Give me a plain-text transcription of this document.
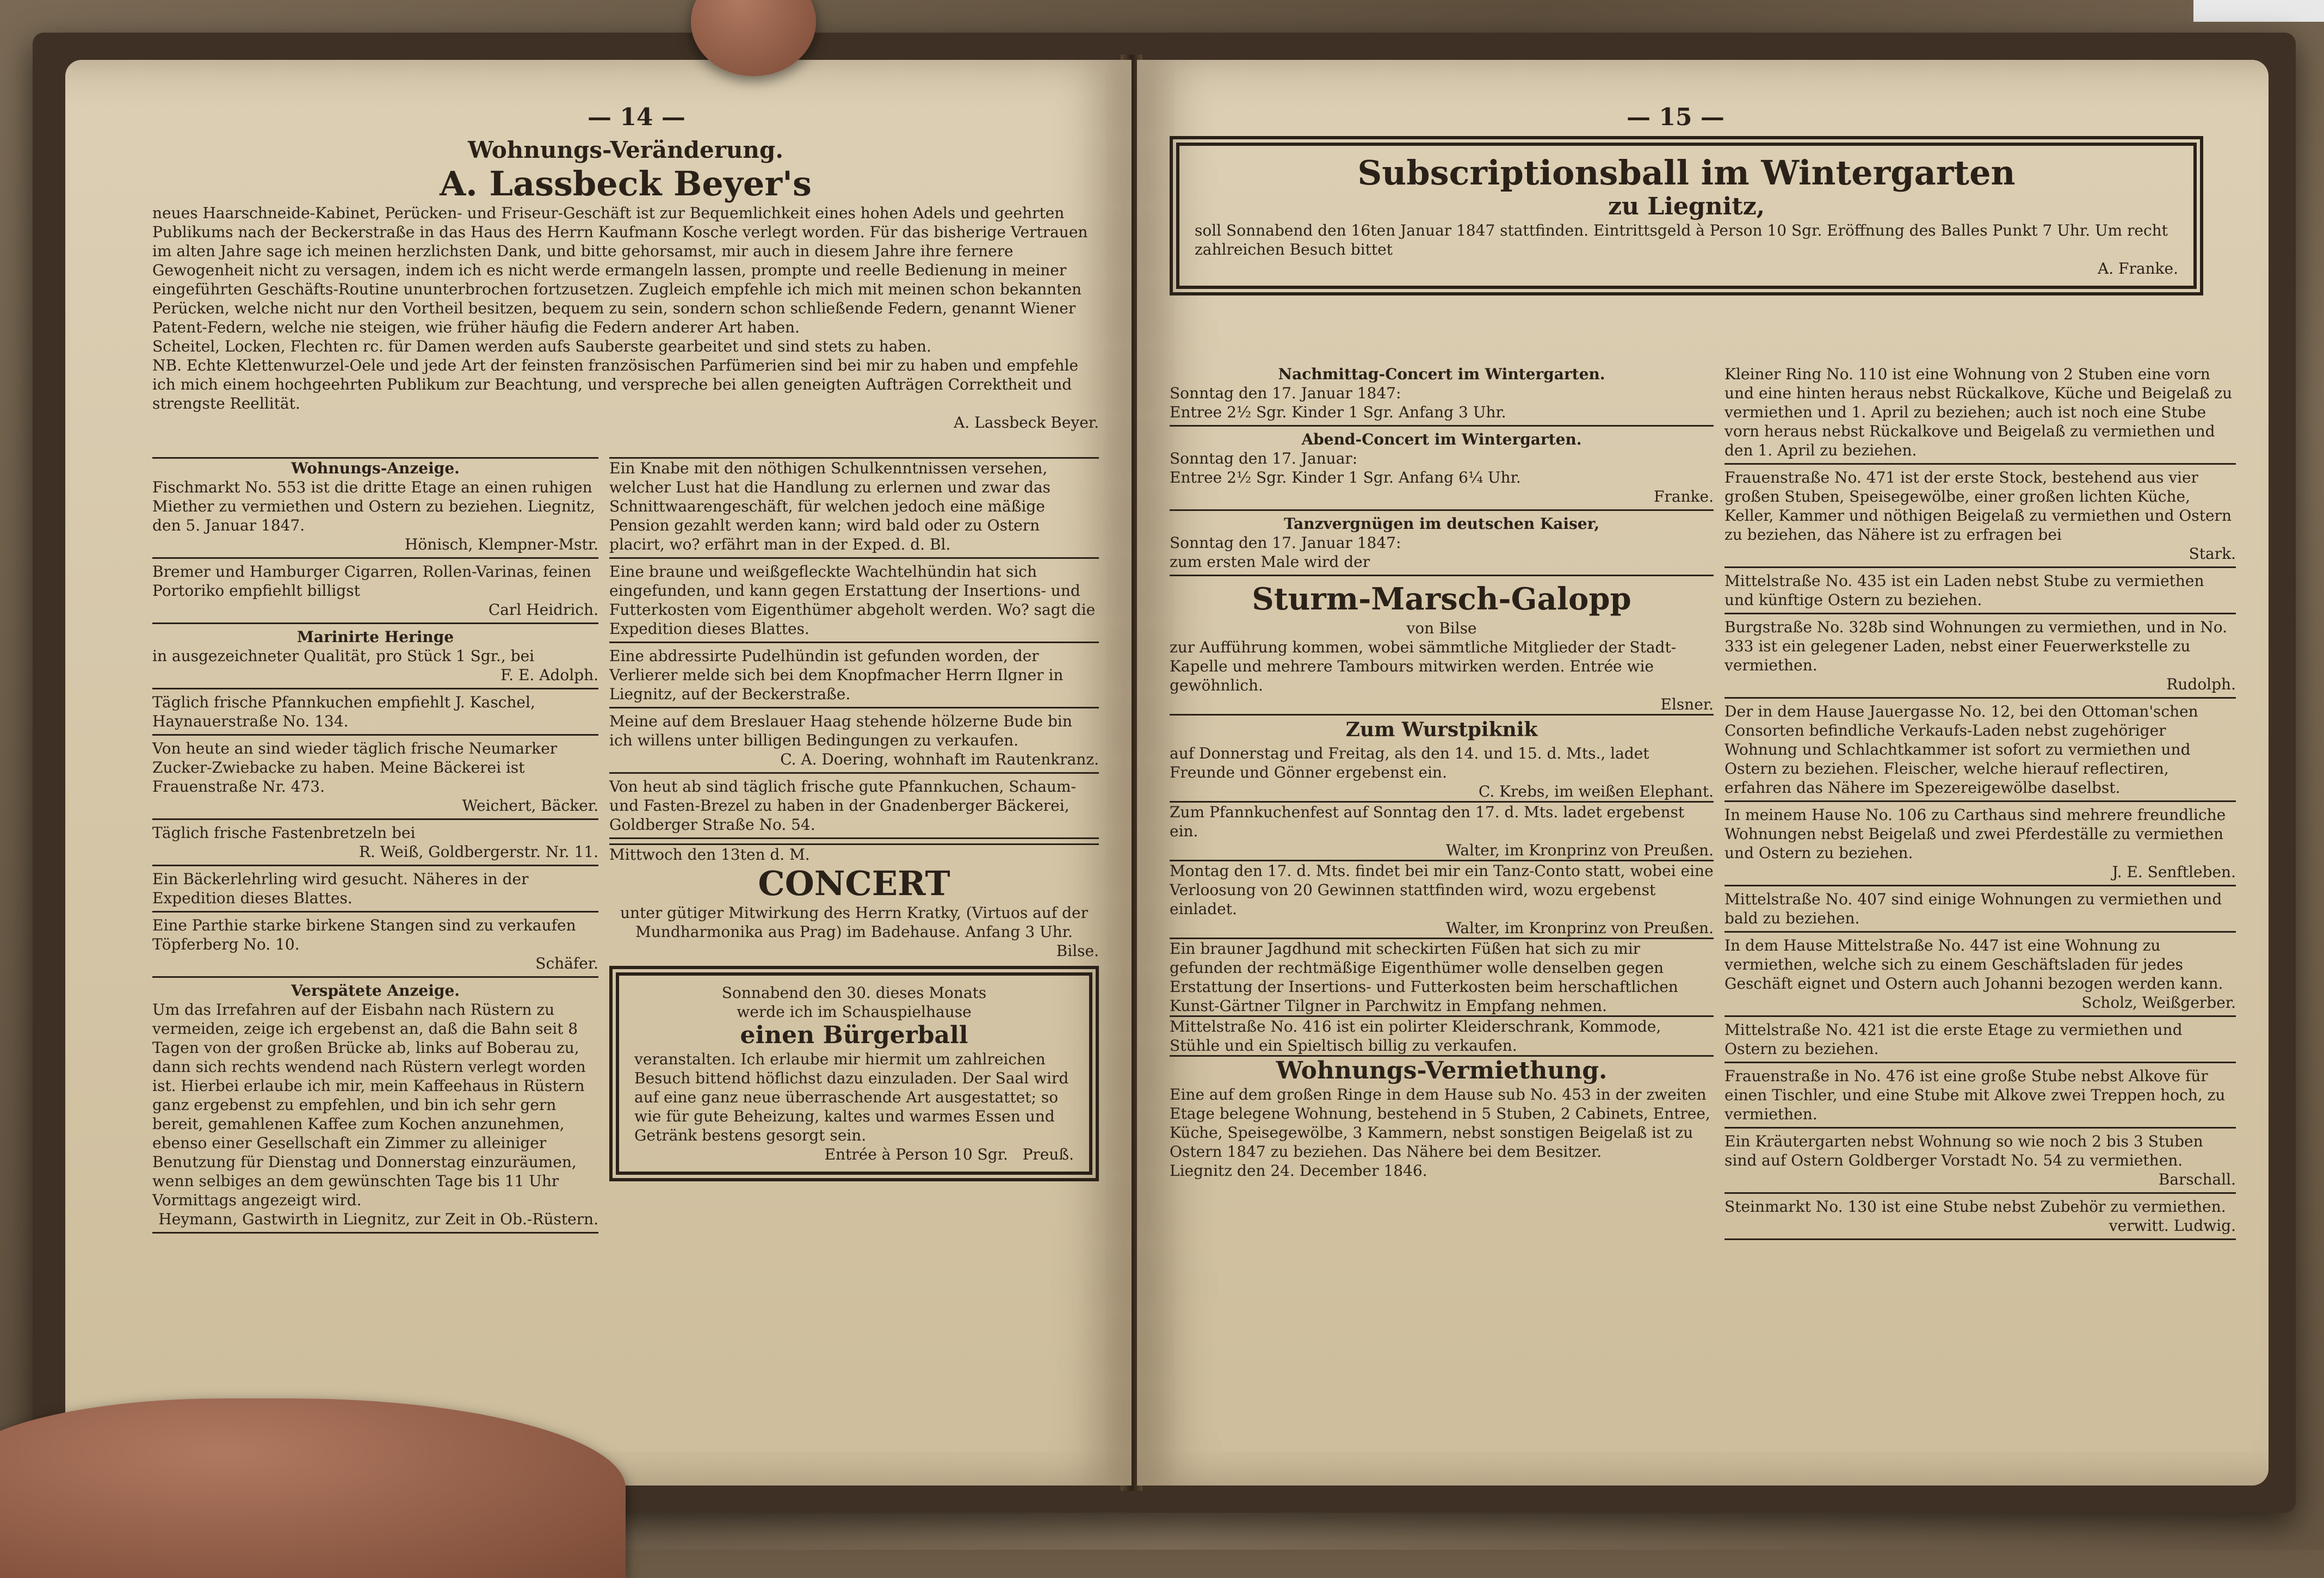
— 14 —
Wohnungs-Veränderung.
A. Lassbeck Beyer's

neues Haarschneide-Kabinet, Perücken- und Friseur-Geschäft ist zur Bequemlichkeit eines hohen Adels und geehrten Publikums nach der Beckerstraße in das Haus des Herrn Kaufmann Kosche verlegt worden. Für das bisherige Vertrauen im alten Jahre sage ich meinen herzlichsten Dank, und bitte gehorsamst, mir auch in diesem Jahre ihre fernere Gewogenheit nicht zu versagen, indem ich es nicht werde ermangeln lassen, prompte und reelle Bedienung in meiner eingeführten Geschäfts-Routine ununterbrochen fortzusetzen. Zugleich empfehle ich mich mit meinen schon bekannten Perücken, welche nicht nur den Vortheil besitzen, bequem zu sein, sondern schon schließende Federn, genannt Wiener Patent-Federn, welche nie steigen, wie früher häufig die Federn anderer Art haben.

Scheitel, Locken, Flechten rc. für Damen werden aufs Sauberste gearbeitet und sind stets zu haben.

NB. Echte Klettenwurzel-Oele und jede Art der feinsten französischen Parfümerien sind bei mir zu haben und empfehle ich mich einem hochgeehrten Publikum zur Beachtung, und verspreche bei allen geneigten Aufträgen Correktheit und strengste Reellität.

A. Lassbeck Beyer.

Wohnungs-Anzeige.

Fischmarkt No. 553 ist die dritte Etage an einen ruhigen Miether zu vermiethen und Ostern zu beziehen. Liegnitz, den 5. Januar 1847.

Hönisch, Klempner-Mstr.

Bremer und Hamburger Cigarren, Rollen-Varinas, feinen Portoriko empfiehlt billigst

Carl Heidrich.

Marinirte Heringe

in ausgezeichneter Qualität, pro Stück 1 Sgr., bei

F. E. Adolph.

Täglich frische Pfannkuchen empfiehlt J. Kaschel, Haynauerstraße No. 134.

Von heute an sind wieder täglich frische Neumarker Zucker-Zwiebacke zu haben. Meine Bäckerei ist Frauenstraße Nr. 473.

Weichert, Bäcker.

Täglich frische Fastenbretzeln bei

R. Weiß, Goldbergerstr. Nr. 11.

Ein Bäckerlehrling wird gesucht. Näheres in der Expedition dieses Blattes.

Eine Parthie starke birkene Stangen sind zu verkaufen Töpferberg No. 10.

Schäfer.

Verspätete Anzeige.

Um das Irrefahren auf der Eisbahn nach Rüstern zu vermeiden, zeige ich ergebenst an, daß die Bahn seit 8 Tagen von der großen Brücke ab, links auf Boberau zu, dann sich rechts wendend nach Rüstern verlegt worden ist. Hierbei erlaube ich mir, mein Kaffeehaus in Rüstern ganz ergebenst zu empfehlen, und bin ich sehr gern bereit, gemahlenen Kaffee zum Kochen anzunehmen, ebenso einer Gesellschaft ein Zimmer zu alleiniger Benutzung für Dienstag und Donnerstag einzuräumen, wenn selbiges an dem gewünschten Tage bis 11 Uhr Vormittags angezeigt wird.

Heymann, Gastwirth in Liegnitz, zur Zeit in Ob.-Rüstern.

Ein Knabe mit den nöthigen Schulkenntnissen versehen, welcher Lust hat die Handlung zu erlernen und zwar das Schnittwaarengeschäft, für welchen jedoch eine mäßige Pension gezahlt werden kann; wird bald oder zu Ostern placirt, wo? erfährt man in der Exped. d. Bl.

Eine braune und weißgefleckte Wachtelhündin hat sich eingefunden, und kann gegen Erstattung der Insertions- und Futterkosten vom Eigenthümer abgeholt werden. Wo? sagt die Expedition dieses Blattes.

Eine abdressirte Pudelhündin ist gefunden worden, der Verlierer melde sich bei dem Knopfmacher Herrn Ilgner in Liegnitz, auf der Beckerstraße.

Meine auf dem Breslauer Haag stehende hölzerne Bude bin ich willens unter billigen Bedingungen zu verkaufen.

C. A. Doering, wohnhaft im Rautenkranz.

Von heut ab sind täglich frische gute Pfannkuchen, Schaum- und Fasten-Brezel zu haben in der Gnadenberger Bäckerei, Goldberger Straße No. 54.

Mittwoch den 13ten d. M.

CONCERT

unter gütiger Mitwirkung des Herrn Kratky, (Virtuos auf der Mundharmonika aus Prag) im Badehause. Anfang 3 Uhr.

Bilse.

Sonnabend den 30. dieses Monats

werde ich im Schauspielhause

einen Bürgerball

veranstalten. Ich erlaube mir hiermit um zahlreichen Besuch bittend höflichst dazu einzuladen. Der Saal wird auf eine ganz neue überraschende Art ausgestattet; so wie für gute Beheizung, kaltes und warmes Essen und Getränk bestens gesorgt sein.

Entrée à Person 10 Sgr. Preuß.

— 15 —
Subscriptionsball im Wintergarten
zu Liegnitz,

soll Sonnabend den 16ten Januar 1847 stattfinden. Eintrittsgeld à Person 10 Sgr. Eröffnung des Balles Punkt 7 Uhr. Um recht zahlreichen Besuch bittet

A. Franke.

Nachmittag-Concert im Wintergarten.

Sonntag den 17. Januar 1847:

Entree 2½ Sgr. Kinder 1 Sgr. Anfang 3 Uhr.

Abend-Concert im Wintergarten.

Sonntag den 17. Januar:

Entree 2½ Sgr. Kinder 1 Sgr. Anfang 6¼ Uhr.

Franke.

Tanzvergnügen im deutschen Kaiser,

Sonntag den 17. Januar 1847:

zum ersten Male wird der

Sturm-Marsch-Galopp

von Bilse

zur Aufführung kommen, wobei sämmtliche Mitglieder der Stadt-Kapelle und mehrere Tambours mitwirken werden. Entrée wie gewöhnlich.

Elsner.

Zum Wurstpiknik

auf Donnerstag und Freitag, als den 14. und 15. d. Mts., ladet Freunde und Gönner ergebenst ein.

C. Krebs, im weißen Elephant.

Zum Pfannkuchenfest auf Sonntag den 17. d. Mts. ladet ergebenst ein.

Walter, im Kronprinz von Preußen.

Montag den 17. d. Mts. findet bei mir ein Tanz-Conto statt, wobei eine Verloosung von 20 Gewinnen stattfinden wird, wozu ergebenst einladet.

Walter, im Kronprinz von Preußen.

Ein brauner Jagdhund mit scheckirten Füßen hat sich zu mir gefunden der rechtmäßige Eigenthümer wolle denselben gegen Erstattung der Insertions- und Futterkosten beim herschaftlichen Kunst-Gärtner Tilgner in Parchwitz in Empfang nehmen.

Mittelstraße No. 416 ist ein polirter Kleiderschrank, Kommode, Stühle und ein Spieltisch billig zu verkaufen.

Wohnungs-Vermiethung.

Eine auf dem großen Ringe in dem Hause sub No. 453 in der zweiten Etage belegene Wohnung, bestehend in 5 Stuben, 2 Cabinets, Entree, Küche, Speisegewölbe, 3 Kammern, nebst sonstigen Beigelaß ist zu Ostern 1847 zu beziehen. Das Nähere bei dem Besitzer.

Liegnitz den 24. December 1846.

Kleiner Ring No. 110 ist eine Wohnung von 2 Stuben eine vorn und eine hinten heraus nebst Rückalkove, Küche und Beigelaß zu vermiethen und 1. April zu beziehen; auch ist noch eine Stube vorn heraus nebst Rückalkove und Beigelaß zu vermiethen und den 1. April zu beziehen.

Frauenstraße No. 471 ist der erste Stock, bestehend aus vier großen Stuben, Speisegewölbe, einer großen lichten Küche, Keller, Kammer und nöthigen Beigelaß zu vermiethen und Ostern zu beziehen, das Nähere ist zu erfragen bei

Stark.

Mittelstraße No. 435 ist ein Laden nebst Stube zu vermiethen und künftige Ostern zu beziehen.

Burgstraße No. 328b sind Wohnungen zu vermiethen, und in No. 333 ist ein gelegener Laden, nebst einer Feuerwerkstelle zu vermiethen.

Rudolph.

Der in dem Hause Jauergasse No. 12, bei den Ottoman'schen Consorten befindliche Verkaufs-Laden nebst zugehöriger Wohnung und Schlachtkammer ist sofort zu vermiethen und Ostern zu beziehen. Fleischer, welche hierauf reflectiren, erfahren das Nähere im Spezereigewölbe daselbst.

In meinem Hause No. 106 zu Carthaus sind mehrere freundliche Wohnungen nebst Beigelaß und zwei Pferdeställe zu vermiethen und Ostern zu beziehen.

J. E. Senftleben.

Mittelstraße No. 407 sind einige Wohnungen zu vermiethen und bald zu beziehen.

In dem Hause Mittelstraße No. 447 ist eine Wohnung zu vermiethen, welche sich zu einem Geschäftsladen für jedes Geschäft eignet und Ostern auch Johanni bezogen werden kann.

Scholz, Weißgerber.

Mittelstraße No. 421 ist die erste Etage zu vermiethen und Ostern zu beziehen.

Frauenstraße in No. 476 ist eine große Stube nebst Alkove für einen Tischler, und eine Stube mit Alkove zwei Treppen hoch, zu vermiethen.

Ein Kräutergarten nebst Wohnung so wie noch 2 bis 3 Stuben sind auf Ostern Goldberger Vorstadt No. 54 zu vermiethen.

Barschall.

Steinmarkt No. 130 ist eine Stube nebst Zubehör zu vermiethen.

verwitt. Ludwig.
